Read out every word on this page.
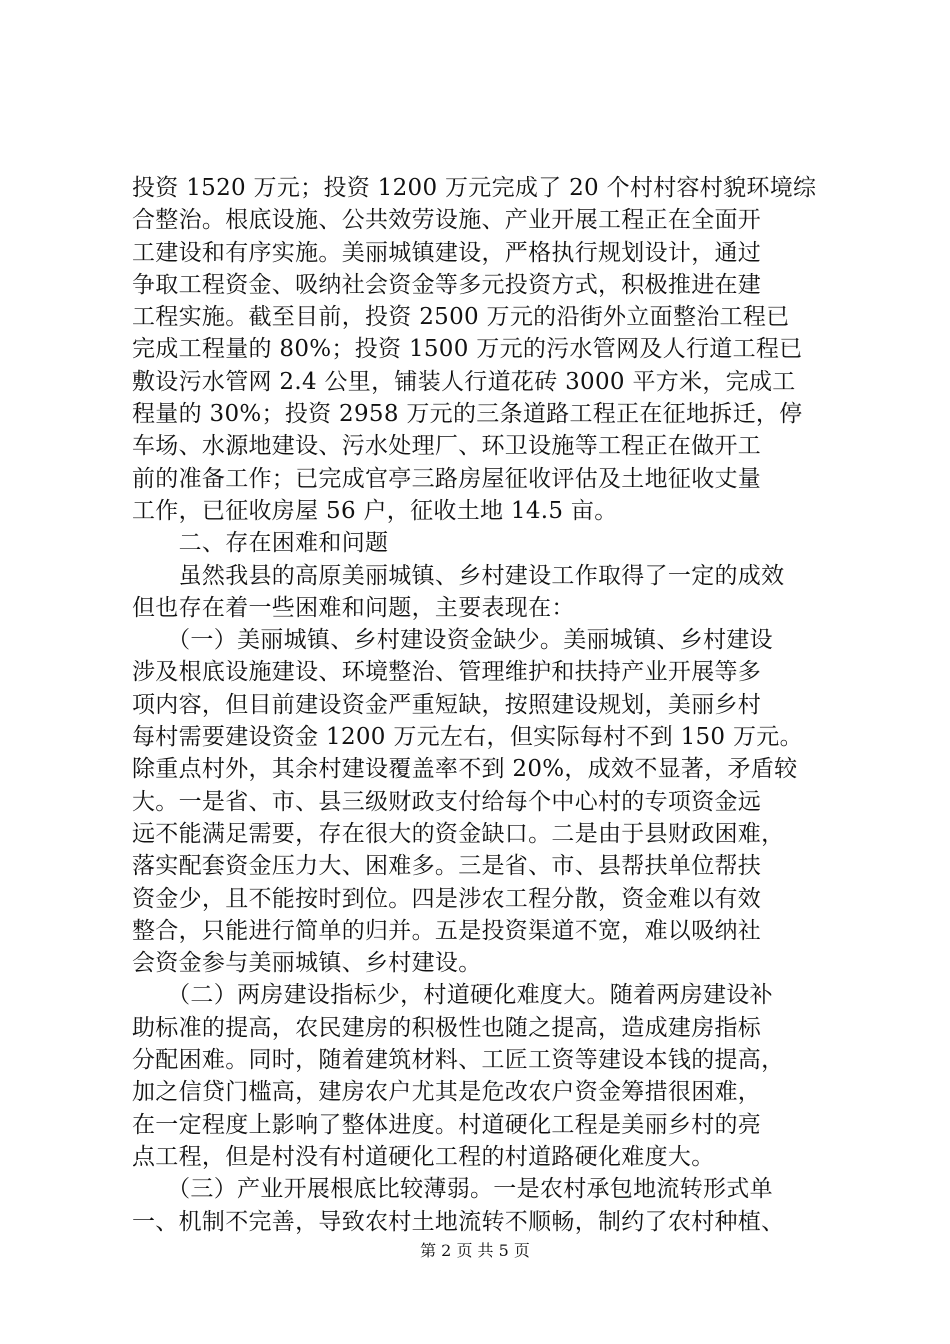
投资 1520 万元；投资 1200 万元完成了 20 个村村容村貌环境综
合整治。根底设施、公共效劳设施、产业开展工程正在全面开
工建设和有序实施。美丽城镇建设，严格执行规划设计，通过
争取工程资金、吸纳社会资金等多元投资方式，积极推进在建
工程实施。截至目前，投资 2500 万元的沿街外立面整治工程已
完成工程量的 80%；投资 1500 万元的污水管网及人行道工程已
敷设污水管网 2.4 公里，铺装人行道花砖 3000 平方米，完成工
程量的 30%；投资 2958 万元的三条道路工程正在征地拆迁，停
车场、水源地建设、污水处理厂、环卫设施等工程正在做开工
前的准备工作；已完成官亭三路房屋征收评估及土地征收丈量
工作，已征收房屋 56 户，征收土地 14.5 亩。
　　二、存在困难和问题
　　虽然我县的高原美丽城镇、乡村建设工作取得了一定的成效
但也存在着一些困难和问题，主要表现在：
　　（一）美丽城镇、乡村建设资金缺少。美丽城镇、乡村建设
涉及根底设施建设、环境整治、管理维护和扶持产业开展等多
项内容，但目前建设资金严重短缺，按照建设规划，美丽乡村
每村需要建设资金 1200 万元左右，但实际每村不到 150 万元。
除重点村外，其余村建设覆盖率不到 20%，成效不显著，矛盾较
大。一是省、市、县三级财政支付给每个中心村的专项资金远
远不能满足需要，存在很大的资金缺口。二是由于县财政困难，
落实配套资金压力大、困难多。三是省、市、县帮扶单位帮扶
资金少，且不能按时到位。四是涉农工程分散，资金难以有效
整合，只能进行简单的归并。五是投资渠道不宽，难以吸纳社
会资金参与美丽城镇、乡村建设。
　　（二）两房建设指标少，村道硬化难度大。随着两房建设补
助标准的提高，农民建房的积极性也随之提高，造成建房指标
分配困难。同时，随着建筑材料、工匠工资等建设本钱的提高，
加之信贷门槛高，建房农户尤其是危改农户资金筹措很困难，
在一定程度上影响了整体进度。村道硬化工程是美丽乡村的亮
点工程，但是村没有村道硬化工程的村道路硬化难度大。
　　（三）产业开展根底比较薄弱。一是农村承包地流转形式单
一、机制不完善，导致农村土地流转不顺畅，制约了农村种植、
第 2 页 共 5 页
